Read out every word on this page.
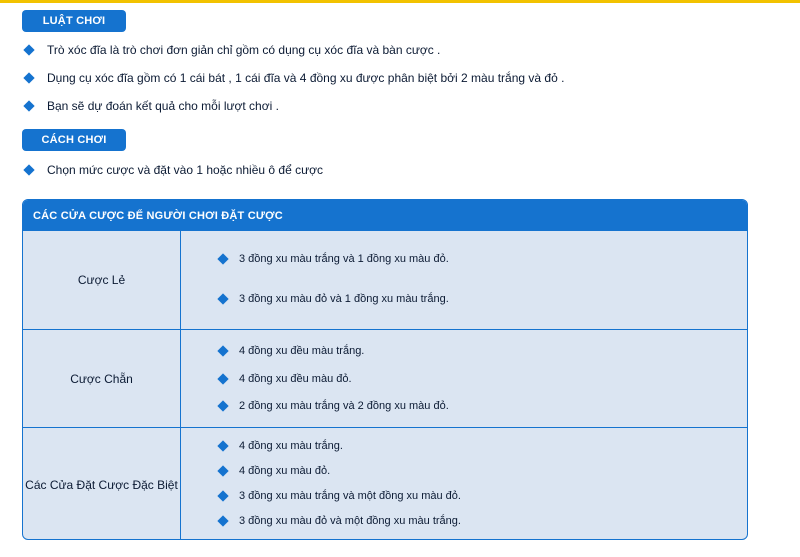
LUẬT CHƠI
Trò xóc đĩa là trò chơi đơn giản chỉ gồm có dụng cụ xóc đĩa và bàn cược .
Dụng cụ xóc đĩa gồm có 1 cái bát , 1 cái đĩa và 4 đồng xu được phân biệt bởi 2 màu trắng và đỏ .
Bạn sẽ dự đoán kết quả cho mỗi lượt chơi .
CÁCH CHƠI
Chọn mức cược và đặt vào 1 hoặc nhiều ô để cược
CÁC CỬA CƯỢC ĐỂ NGƯỜI CHƠI ĐẶT CƯỢC
Cược Lẻ
3 đồng xu màu trắng và 1 đồng xu màu đỏ.
3 đồng xu màu đỏ và 1 đồng xu màu trắng.
Cược Chẵn
4 đồng xu đều màu trắng.
4 đồng xu đều màu đỏ.
2 đồng xu màu trắng và 2 đồng xu màu đỏ.
Các Cửa Đặt Cược Đặc Biệt
4 đồng xu màu trắng.
4 đồng xu màu đỏ.
3 đồng xu màu trắng và một đồng xu màu đỏ.
3 đồng xu màu đỏ và một đồng xu màu trắng.
